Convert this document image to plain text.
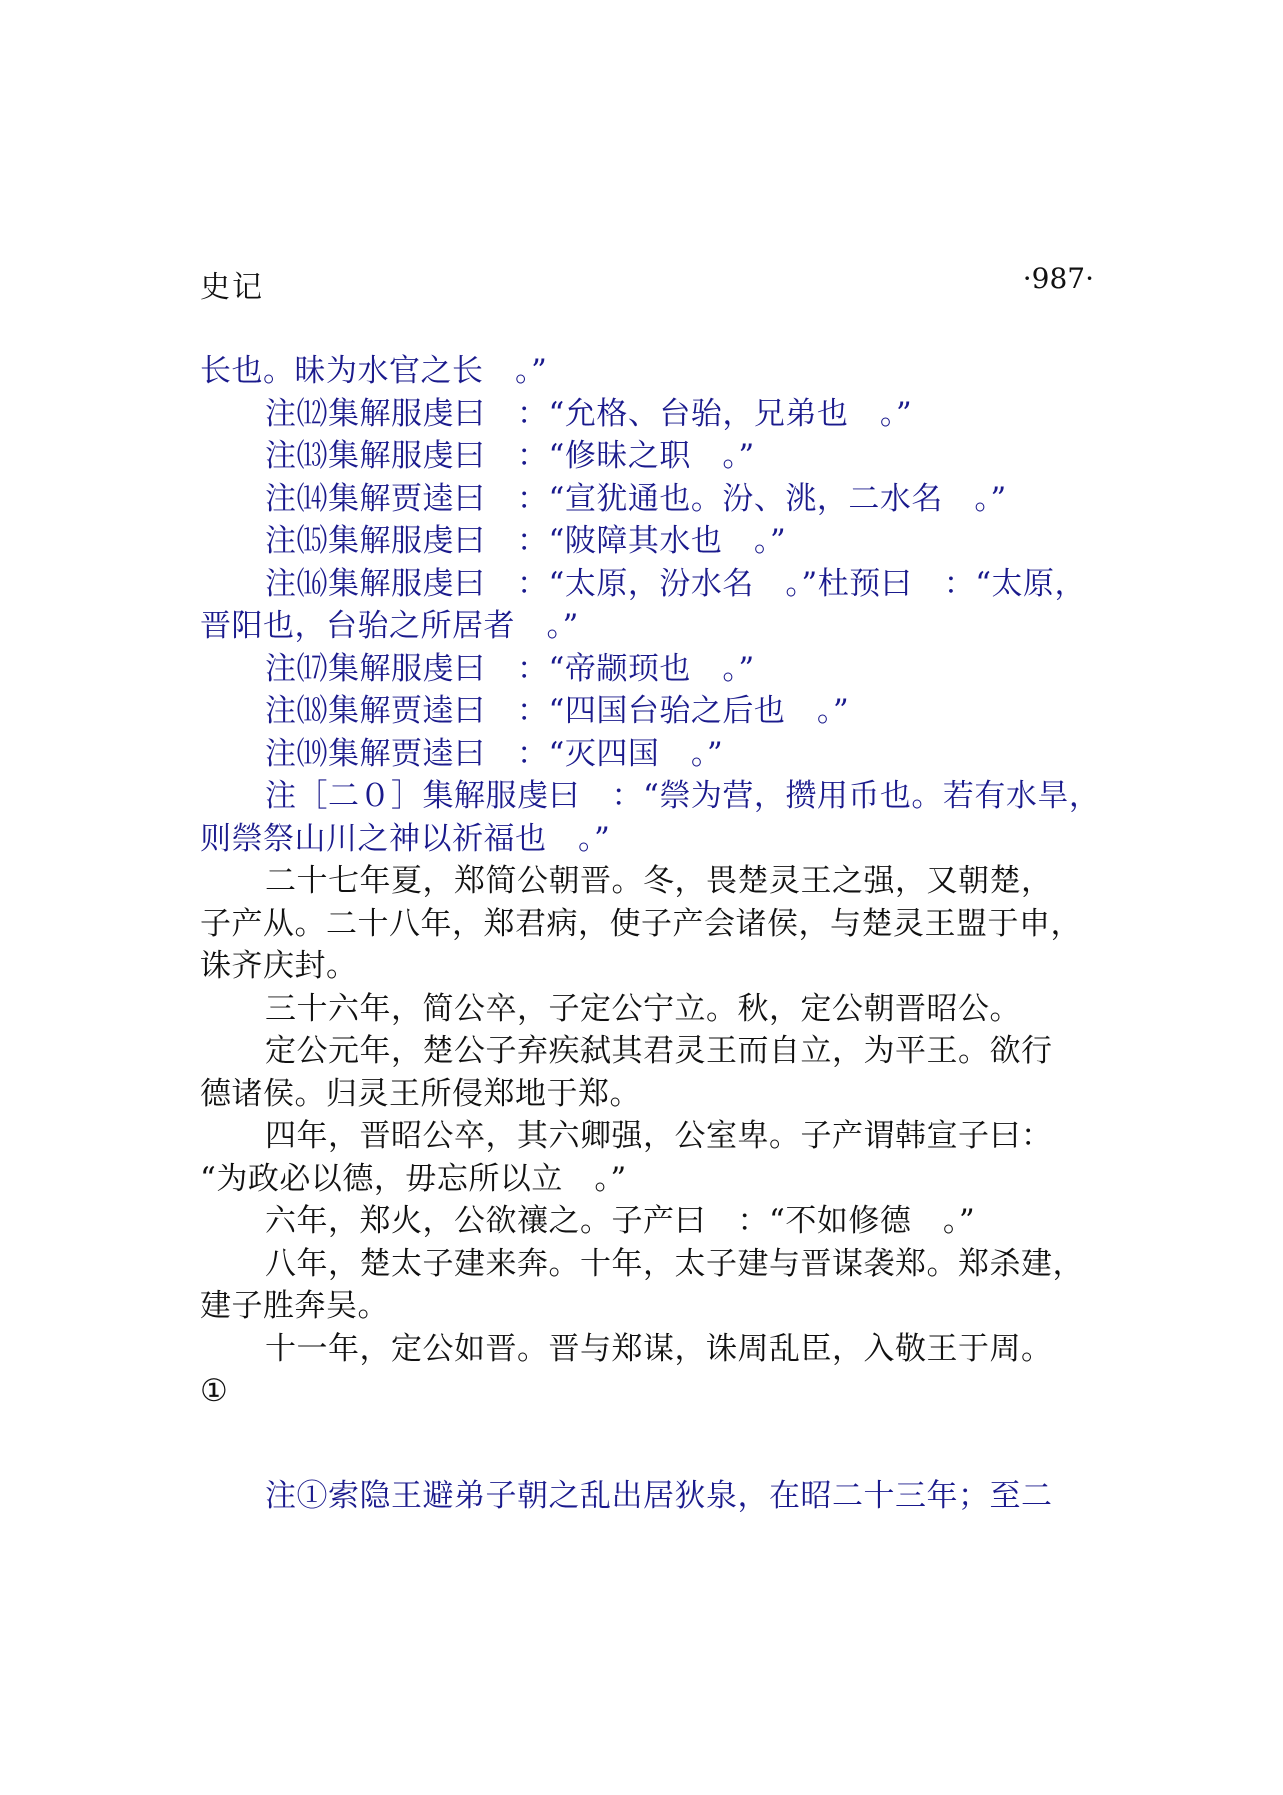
史记	·987·

长也。昧为水官之长　。”

注⑿集解服虔曰　：“允格、台骀，兄弟也　。”

注⒀集解服虔曰　：“修昧之职　。”

注⒁集解贾逵曰　：“宣犹通也。汾、洮，二水名　。”

注⒂集解服虔曰　：“陂障其水也　。”

注⒃集解服虔曰　：“太原，汾水名　。”杜预曰　：“太原，

晋阳也，台骀之所居者　。”

注⒄集解服虔曰　：“帝颛顼也　。”

注⒅集解贾逵曰　：“四国台骀之后也　。”

注⒆集解贾逵曰　：“灭四国　。”

注［二０］集解服虔曰　：“禜为营，攒用币也。若有水旱，

则禜祭山川之神以祈福也　。”

二十七年夏，郑简公朝晋。冬，畏楚灵王之强，又朝楚，

子产从。二十八年，郑君病，使子产会诸侯，与楚灵王盟于申，

诛齐庆封。

三十六年，简公卒，子定公宁立。秋，定公朝晋昭公。

定公元年，楚公子弃疾弑其君灵王而自立，为平王。欲行

德诸侯。归灵王所侵郑地于郑。

四年，晋昭公卒，其六卿强，公室卑。子产谓韩宣子曰：

“为政必以德，毋忘所以立　。”

六年，郑火，公欲禳之。子产曰　：“不如修德　。”

八年，楚太子建来奔。十年，太子建与晋谋袭郑。郑杀建，

建子胜奔吴。

十一年，定公如晋。晋与郑谋，诛周乱臣，入敬王于周。

①

注①索隐王避弟子朝之乱出居狄泉，在昭二十三年；至二
